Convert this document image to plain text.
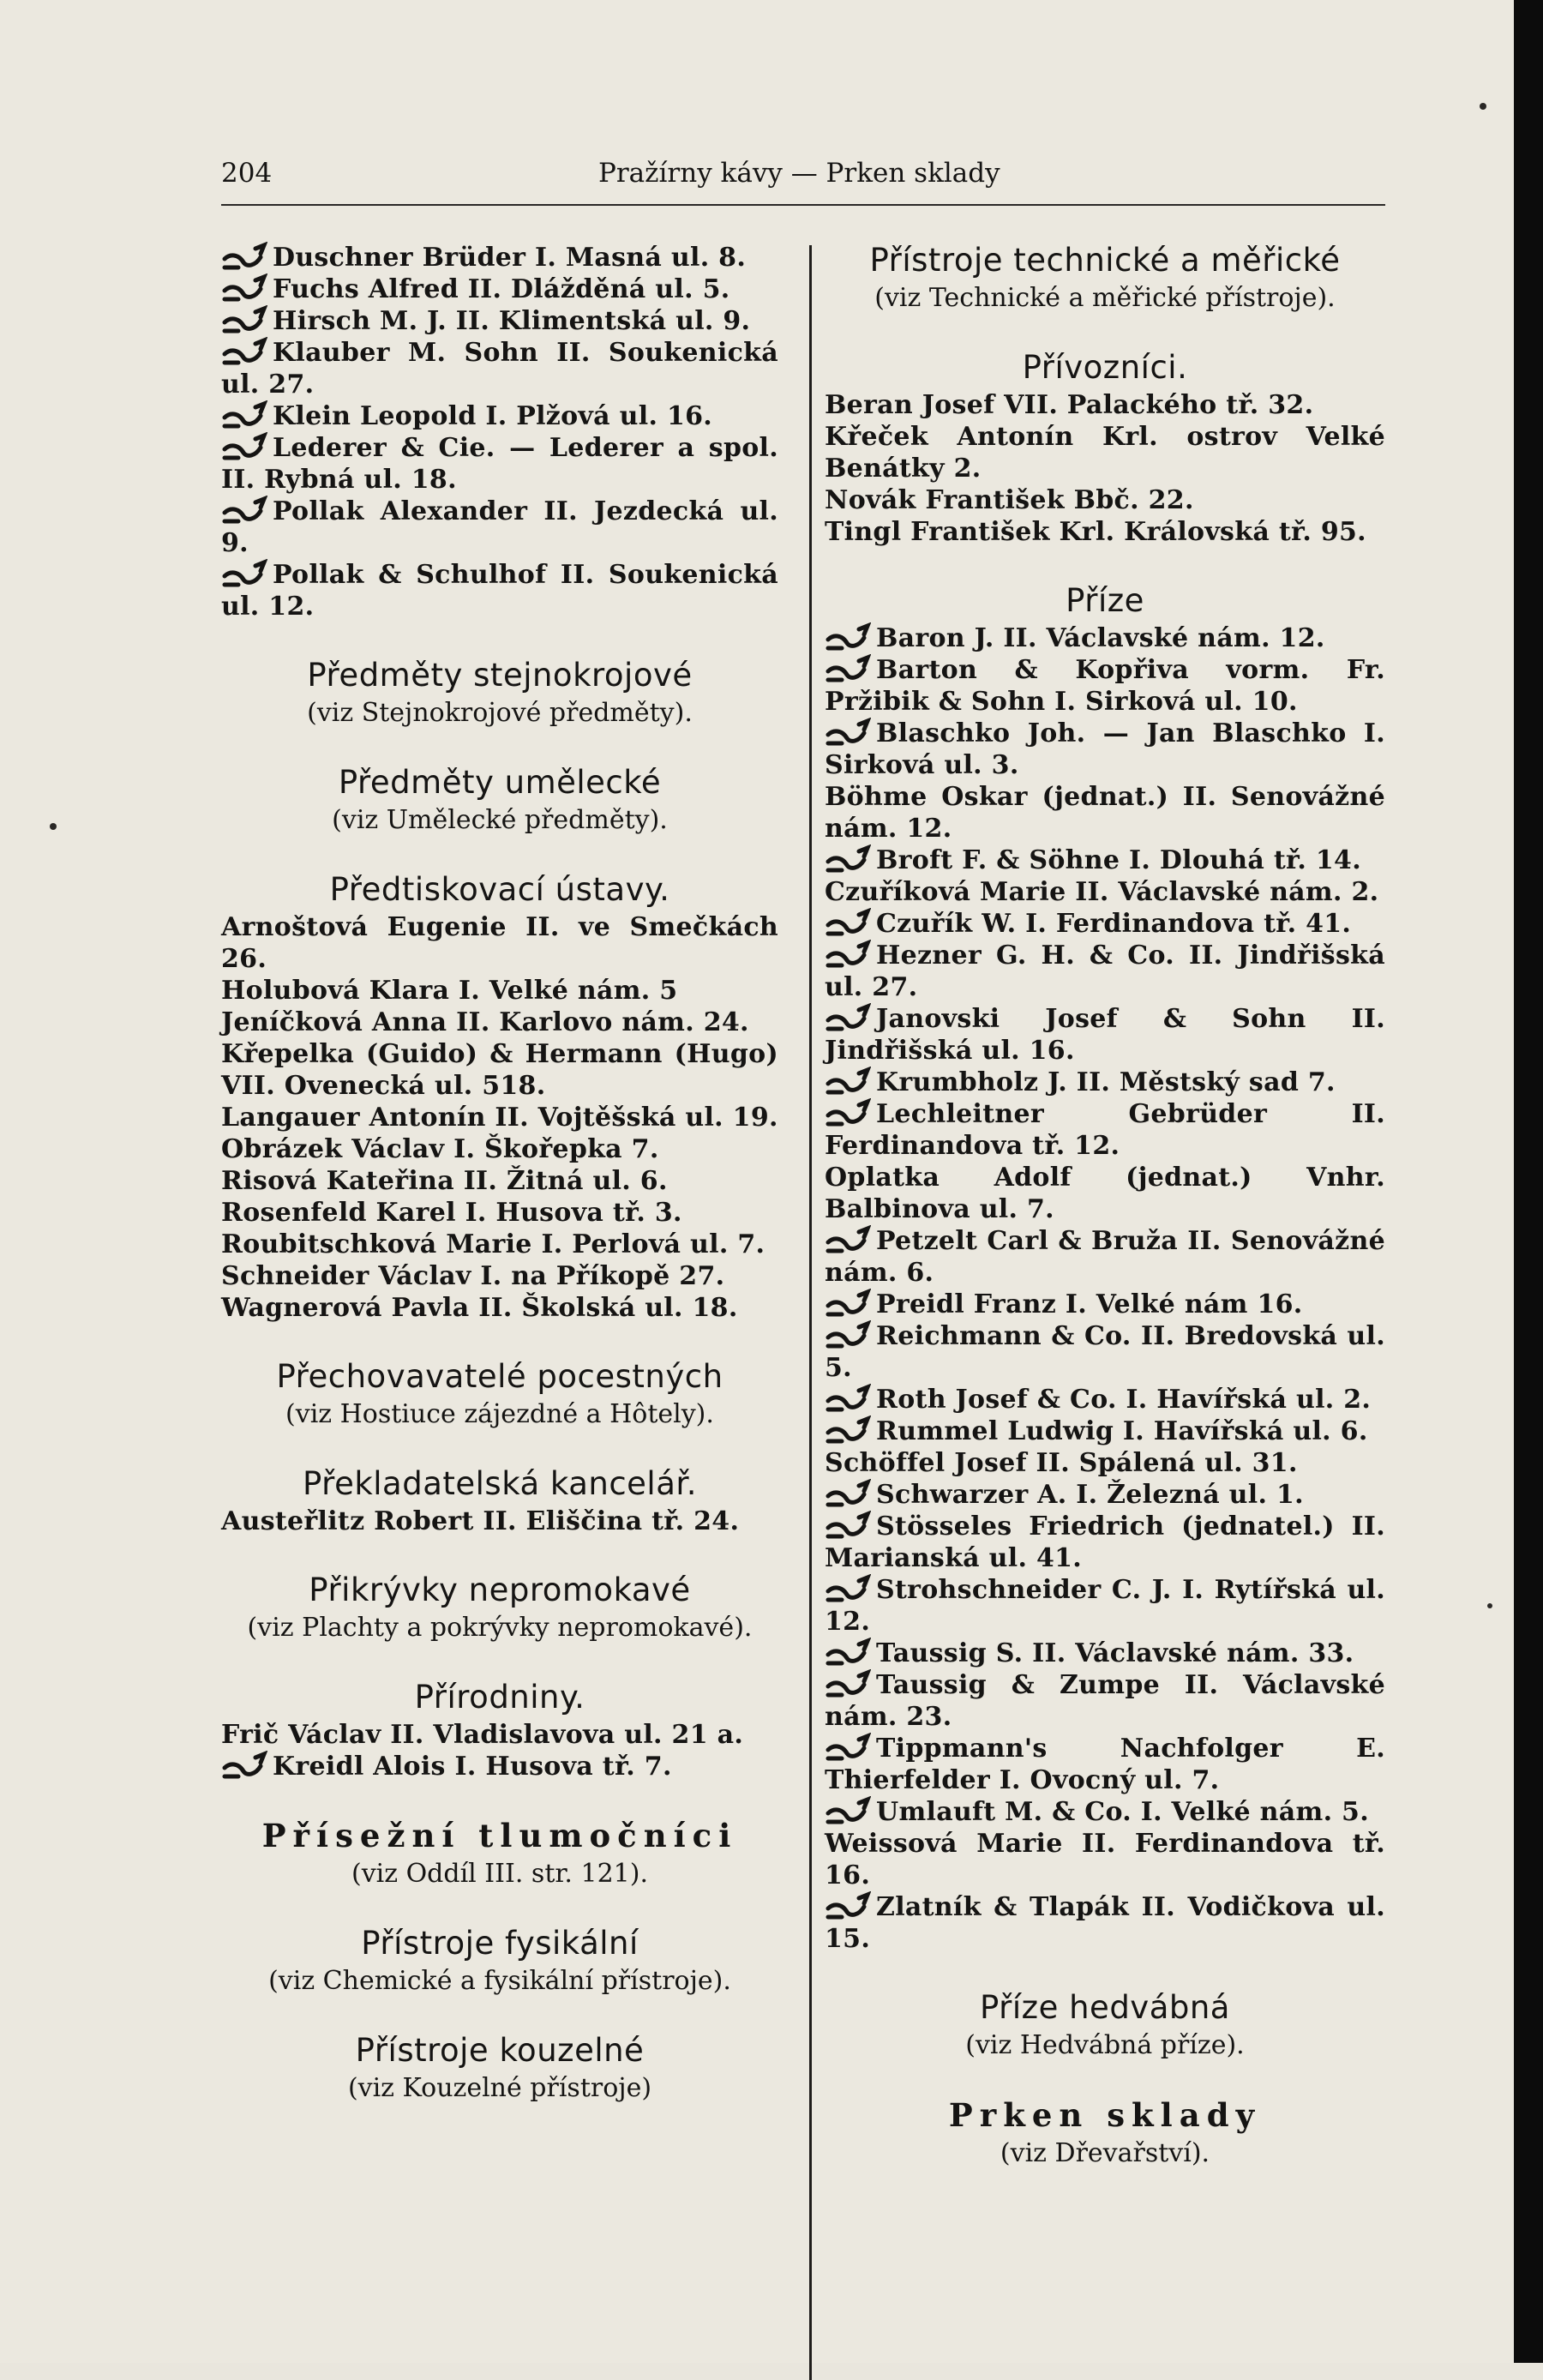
204	Pražírny kávy — Prken sklady

Duschner Brüder I. Masná ul. 8.

Fuchs Alfred II. Dlážděná ul. 5.

Hirsch M. J. II. Klimentská ul. 9.

Klauber M. Sohn II. Soukenická ul. 27.

Klein Leopold I. Plžová ul. 16.

Lederer & Cie. — Lederer a spol. II. Rybná ul. 18.

Pollak Alexander II. Jezdecká ul. 9.

Pollak & Schulhof II. Soukenická ul. 12.

Předměty stejnokrojové

(viz Stejnokrojové předměty).

Předměty umělecké

(viz Umělecké předměty).

Předtiskovací ústavy.

Arnoštová Eugenie II. ve Smečkách 26.

Holubová Klara I. Velké nám. 5

Jeníčková Anna II. Karlovo nám. 24.

Křepelka (Guido) & Hermann (Hugo) VII. Ovenecká ul. 518.

Langauer Antonín II. Vojtěšská ul. 19.

Obrázek Václav I. Škořepka 7.

Risová Kateřina II. Žitná ul. 6.

Rosenfeld Karel I. Husova tř. 3.

Roubitschková Marie I. Perlová ul. 7.

Schneider Václav I. na Příkopě 27.

Wagnerová Pavla II. Školská ul. 18.

Přechovavatelé pocestných

(viz Hostiuce zájezdné a Hôtely).

Překladatelská kancelář.

Austeřlitz Robert II. Eliščina tř. 24.

Přikrývky nepromokavé

(viz Plachty a pokrývky nepromokavé).

Přírodniny.

Frič Václav II. Vladislavova ul. 21 a.

Kreidl Alois I. Husova tř. 7.

Přísežní tlumočníci

(viz Oddíl III. str. 121).

Přístroje fysikální

(viz Chemické a fysikální přístroje).

Přístroje kouzelné

(viz Kouzelné přístroje)

Přístroje technické a měřické

(viz Technické a měřické přístroje).

Přívozníci.

Beran Josef VII. Palackého tř. 32.

Křeček Antonín Krl. ostrov Velké Benátky 2.

Novák František Bbč. 22.

Tingl František Krl. Královská tř. 95.

Příze

Baron J. II. Václavské nám. 12.

Barton & Kopřiva vorm. Fr. Pržibik & Sohn I. Sirková ul. 10.

Blaschko Joh. — Jan Blaschko I. Sirková ul. 3.

Böhme Oskar (jednat.) II. Senovážné nám. 12.

Broft F. & Söhne I. Dlouhá tř. 14.

Czuříková Marie II. Václavské nám. 2.

Czuřík W. I. Ferdinandova tř. 41.

Hezner G. H. & Co. II. Jindřišská ul. 27.

Janovski Josef & Sohn II. Jindřišská ul. 16.

Krumbholz J. II. Městský sad 7.

Lechleitner Gebrüder II. Ferdinandova tř. 12.

Oplatka Adolf (jednat.) Vnhr. Balbinova ul. 7.

Petzelt Carl & Bruža II. Senovážné nám. 6.

Preidl Franz I. Velké nám 16.

Reichmann & Co. II. Bredovská ul. 5.

Roth Josef & Co. I. Havířská ul. 2.

Rummel Ludwig I. Havířská ul. 6.

Schöffel Josef II. Spálená ul. 31.

Schwarzer A. I. Železná ul. 1.

Stösseles Friedrich (jednatel.) II. Marianská ul. 41.

Strohschneider C. J. I. Rytířská ul. 12.

Taussig S. II. Václavské nám. 33.

Taussig & Zumpe II. Václavské nám. 23.

Tippmann's Nachfolger E. Thierfelder I. Ovocný ul. 7.

Umlauft M. & Co. I. Velké nám. 5.

Weissová Marie II. Ferdinandova tř. 16.

Zlatník & Tlapák II. Vodičkova ul. 15.

Příze hedvábná

(viz Hedvábná příze).

Prken sklady

(viz Dřevařství).
